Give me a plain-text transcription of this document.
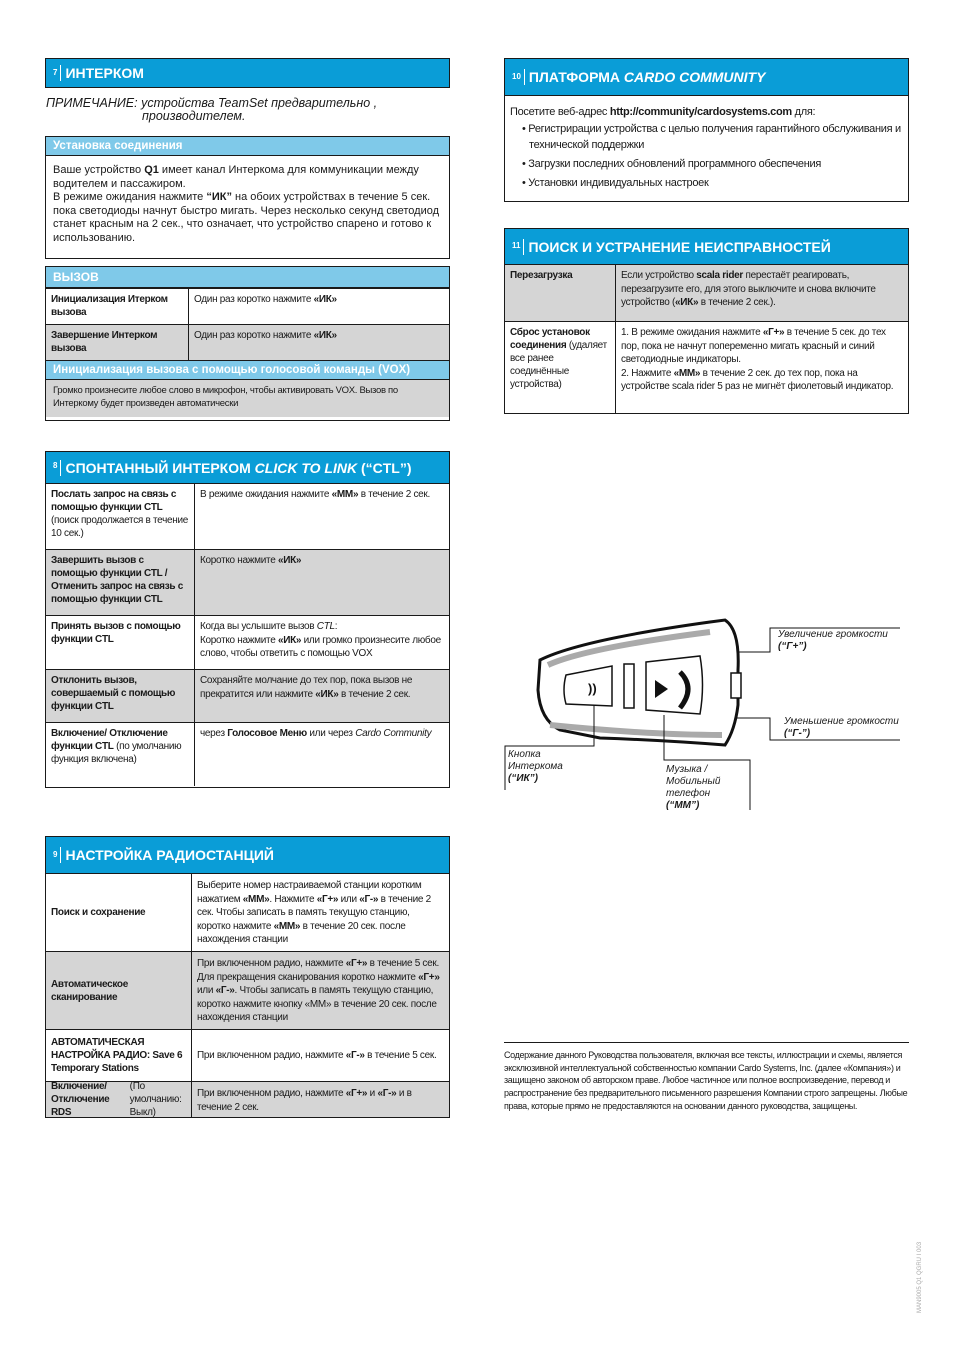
7 ИНТЕРКОМ
ПРИМЕЧАНИЕ: устройства TeamSet предварительно ,
производителем.
Установка соединения
Ваше устройство Q1 имеет канал Интеркома для коммуникации между водителем и пассажиром.
В режиме ожидания нажмите “ИК” на обоих устройствах в течение 5 сек. пока светодиоды начнут быстро мигать. Через несколько секунд светодиод станет красным на 2 сек., что означает, что устройство спарено и готово к использованию.
ВЫЗОВ
Инициализация Итерком вызова
Один раз коротко нажмите «ИК»
Завершение Интерком вызова
Один раз коротко нажмите «ИК»
Инициализация вызова с помощью голосовой команды (VOX)
Громко произнесите любое слово в микрофон, чтобы активировать VOX. Вызов по Интеркому будет произведен автоматически
8 СПОНТАННЫЙ ИНТЕРКОМ CLICK TO LINK (“CTL”)
Послать запрос на связь с помощью функции CTL (поиск продолжается в течение 10 сек.)
В режиме ожидания нажмите «ММ» в течение 2 сек.
Завершить вызов с помощью функции CTL / Отменить запрос на связь с помощью функции CTL
Коротко нажмите «ИК»
Принять вызов с помощью функции CTL
Когда вы услышите вызов CTL:
Коротко нажмите «ИК» или громко произнесите любое слово, чтобы ответить с помощью VOX
Отклонить вызов, совершаемый с помощью функции CTL
Сохраняйте молчание до тех пор, пока вызов не прекратится или нажмите «ИК» в течение 2 сек.
Включение/ Отключение функции CTL (по умолчанию функция включена)
через Голосовое Меню или через Cardo Community
9 НАСТРОЙКА РАДИОСТАНЦИЙ
Поиск и сохранение
Выберите номер настраиваемой станции коротким нажатием «ММ». Нажмите «Г+» или «Г-» в течение 2 сек. Чтобы записать в память текущую станцию, коротко нажмите «ММ» в течение 20 сек. после нахождения станции
Автоматическое сканирование
При включенном радио, нажмите «Г+» в течение 5 сек. Для прекращения сканирования коротко нажмите «Г+» или «Г-». Чтобы записать в память текущую станцию, коротко нажмите кнопку «ММ» в течение 20 сек. после нахождения станции
АВТОМАТИЧЕСКАЯ НАСТРОЙКА РАДИО: Save 6 Temporary Stations
При включенном радио, нажмите «Г-» в течение 5 сек.
Включение/Отключение RDS
(По умолчанию: Выкл)
При включенном радио, нажмите «Г+» и «Г-» и в течение 2 сек.
10 ПЛАТФОРМА CARDO COMMUNITY
Посетите веб-адрес http://community/cardosystems.com для:
• Регистрирации устройства с целью получения гарантийного обслуживания и технической поддержки
• Загрузки последних обновлений программного обеспечения
• Установки индивидуальных настроек
11 ПОИСК И УСТРАНЕНИЕ НЕИСПРАВНОСТЕЙ
Перезагрузка	Если устройство scala rider перестаёт реагировать, перезагрузите его, для этого выключите и снова включите устройство («ИК» в течение 2 сек.).
Сброс установок соединения (удаляет все ранее соединённые устройства)
1. В режиме ожидания нажмите «Г+» в течение 5 сек. до тех пор, пока не начнут попеременно мигать красный и синий светодиодные индикаторы.
2. Нажмите «ММ» в течение 2 сек. до тех пор, пока на устройстве scala rider 5 раз не мигнёт фиолетовый индикатор.
))
Увеличение громкости
(“Г+”)
Уменьшение громкости
(“Г-”)
Кнопка
Интеркома
(“ИК”)
Музыка /
Мобильный
телефон
(“ММ”)
Содержание данного Руководства пользователя, включая все тексты, иллюстрации и схемы, является эксклюзивной интеллектуальной собственностью компании Cardo Systems, Inc. (далее «Компания») и защищено законом об авторском праве. Любое частичное или полное воспроизведение, перевод и распространение без предварительного письменного разрешения Компании строго запрещены. Любые права, которые прямо не предоставляются на основании данного руководства, защищены.
MAN9005 Q1 QGRU I 003
